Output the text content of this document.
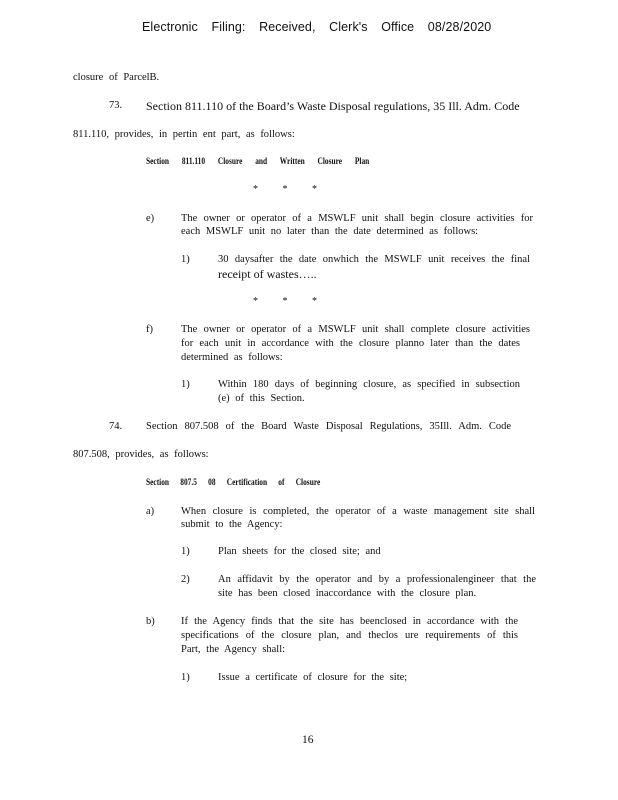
Electronic Filing: Received, Clerk's Office 08/28/2020
closure of ParcelB.
73. Section 811.110 of the Board’s Waste Disposal regulations, 35 Ill. Adm. Code
811.110, provides, in pertin ent part, as follows:
Section 811.110 Closure and Written Closure Plan
* * *
e)	The owner or operator of a MSWLF unit shall begin closure activities for
each MSWLF unit no later than the date determined as follows:
1)	30 daysafter the date onwhich the MSWLF unit receives the final
receipt of wastes…..
* * *
f)	The owner or operator of a MSWLF unit shall complete closure activities
for each unit in accordance with the closure planno later than the dates
determined as follows:
1)	Within 180 days of beginning closure, as specified in subsection
(e) of this Section.
74. Section 807.508 of the Board Waste Disposal Regulations, 35Ill. Adm. Code
807.508, provides, as follows:
Section 807.5 08 Certification of Closure
a)	When closure is completed, the operator of a waste management site shall
submit to the Agency:
1)	Plan sheets for the closed site; and
2)	An affidavit by the operator and by a professionalengineer that the
site has been closed inaccordance with the closure plan.
b)	If the Agency finds that the site has beenclosed in accordance with the
specifications of the closure plan, and theclos ure requirements of this
Part, the Agency shall:
1)	Issue a certificate of closure for the site;
16
